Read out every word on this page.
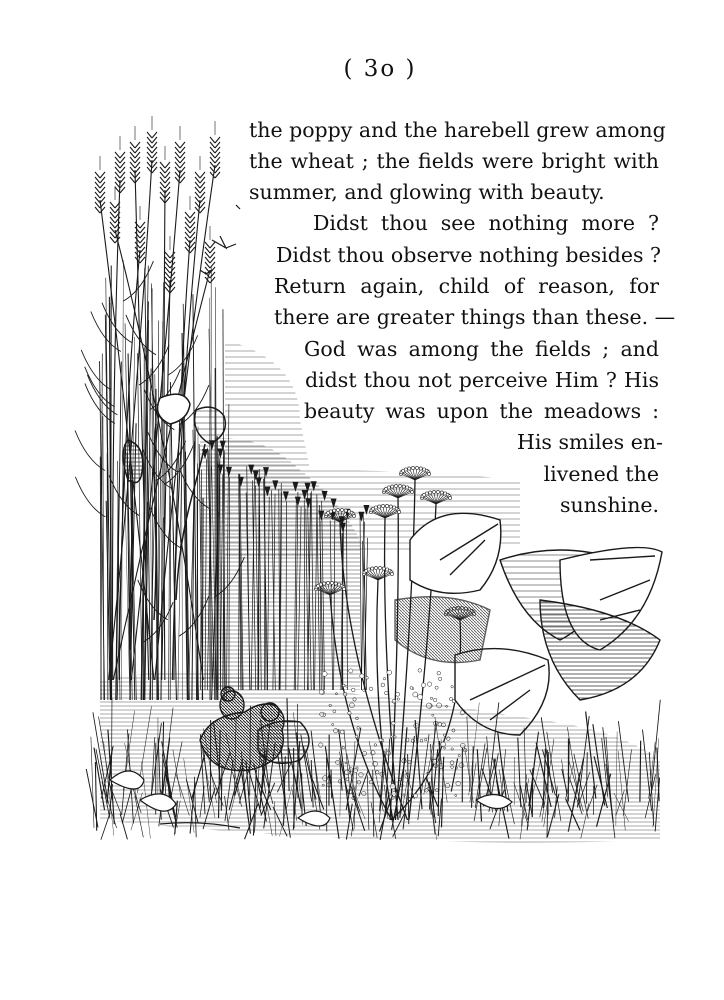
( 3o )
the poppy and the harebell grew among
the wheat ; the fields were bright with
summer, and glowing with beauty.
Didst thou see nothing more ?
Didst thou observe nothing besides ?
Return again, child of reason, for
there are greater things than these. —
God was among the fields ; and
didst thou not perceive Him ? His
beauty was upon the meadows :
His smiles en-
livened the
sunshine.
